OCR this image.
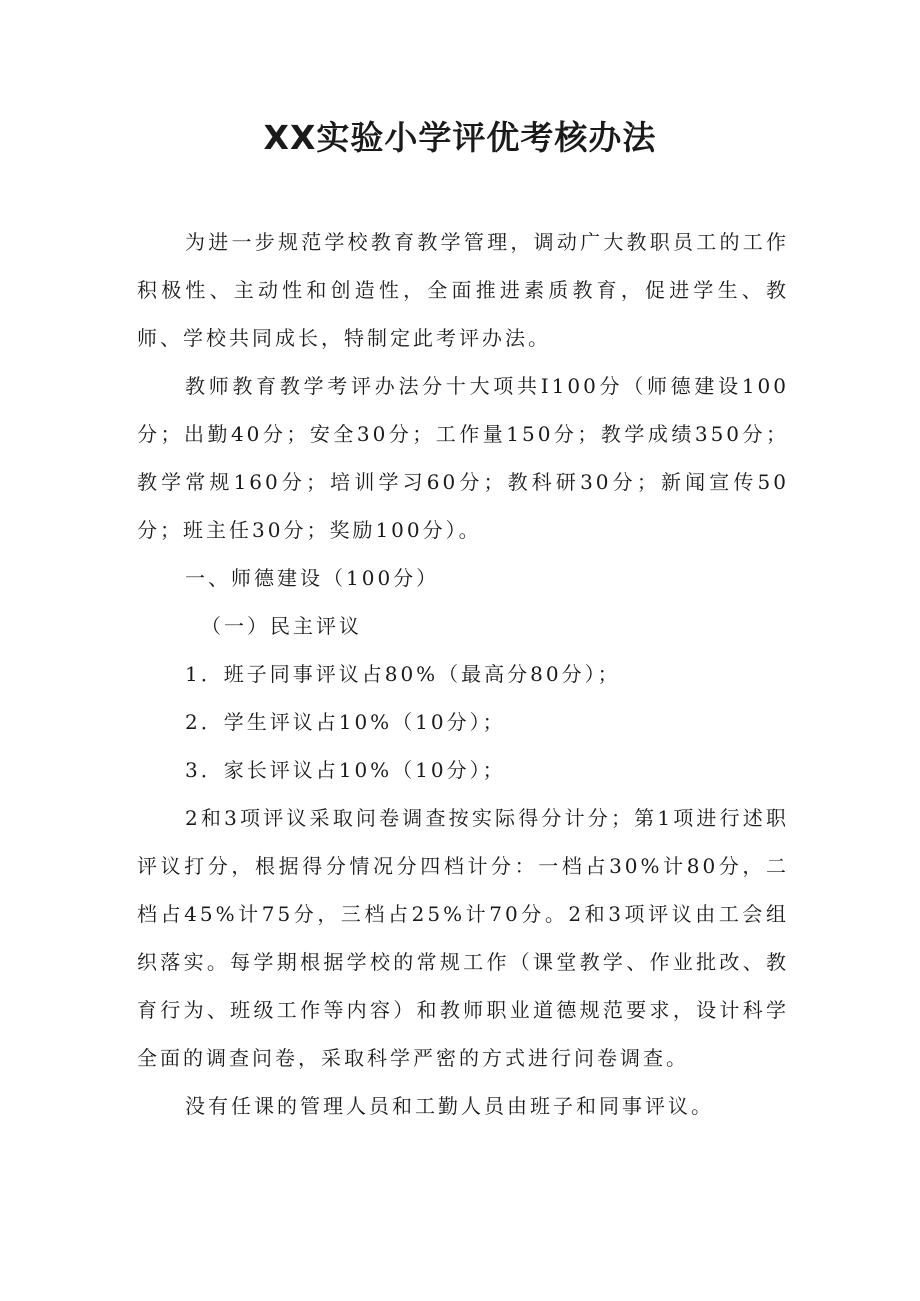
XX实验小学评优考核办法

为进一步规范学校教育教学管理，调动广大教职员工的工作积极性、主动性和创造性，全面推进素质教育，促进学生、教师、学校共同成长，特制定此考评办法。

教师教育教学考评办法分十大项共I100分（师德建设100分；出勤40分；安全30分；工作量150分；教学成绩350分；教学常规160分；培训学习60分；教科研30分；新闻宣传50分；班主任30分；奖励100分）。

一、师德建设（100分）

（一）民主评议

1．班子同事评议占80%（最高分80分）；

2．学生评议占10%（10分）；

3．家长评议占10%（10分）；

2和3项评议采取问卷调查按实际得分计分；第1项进行述职评议打分，根据得分情况分四档计分：一档占30%计80分，二档占45%计75分，三档占25%计70分。2和3项评议由工会组织落实。每学期根据学校的常规工作（课堂教学、作业批改、教育行为、班级工作等内容）和教师职业道德规范要求，设计科学全面的调查问卷，采取科学严密的方式进行问卷调查。

没有任课的管理人员和工勤人员由班子和同事评议。
